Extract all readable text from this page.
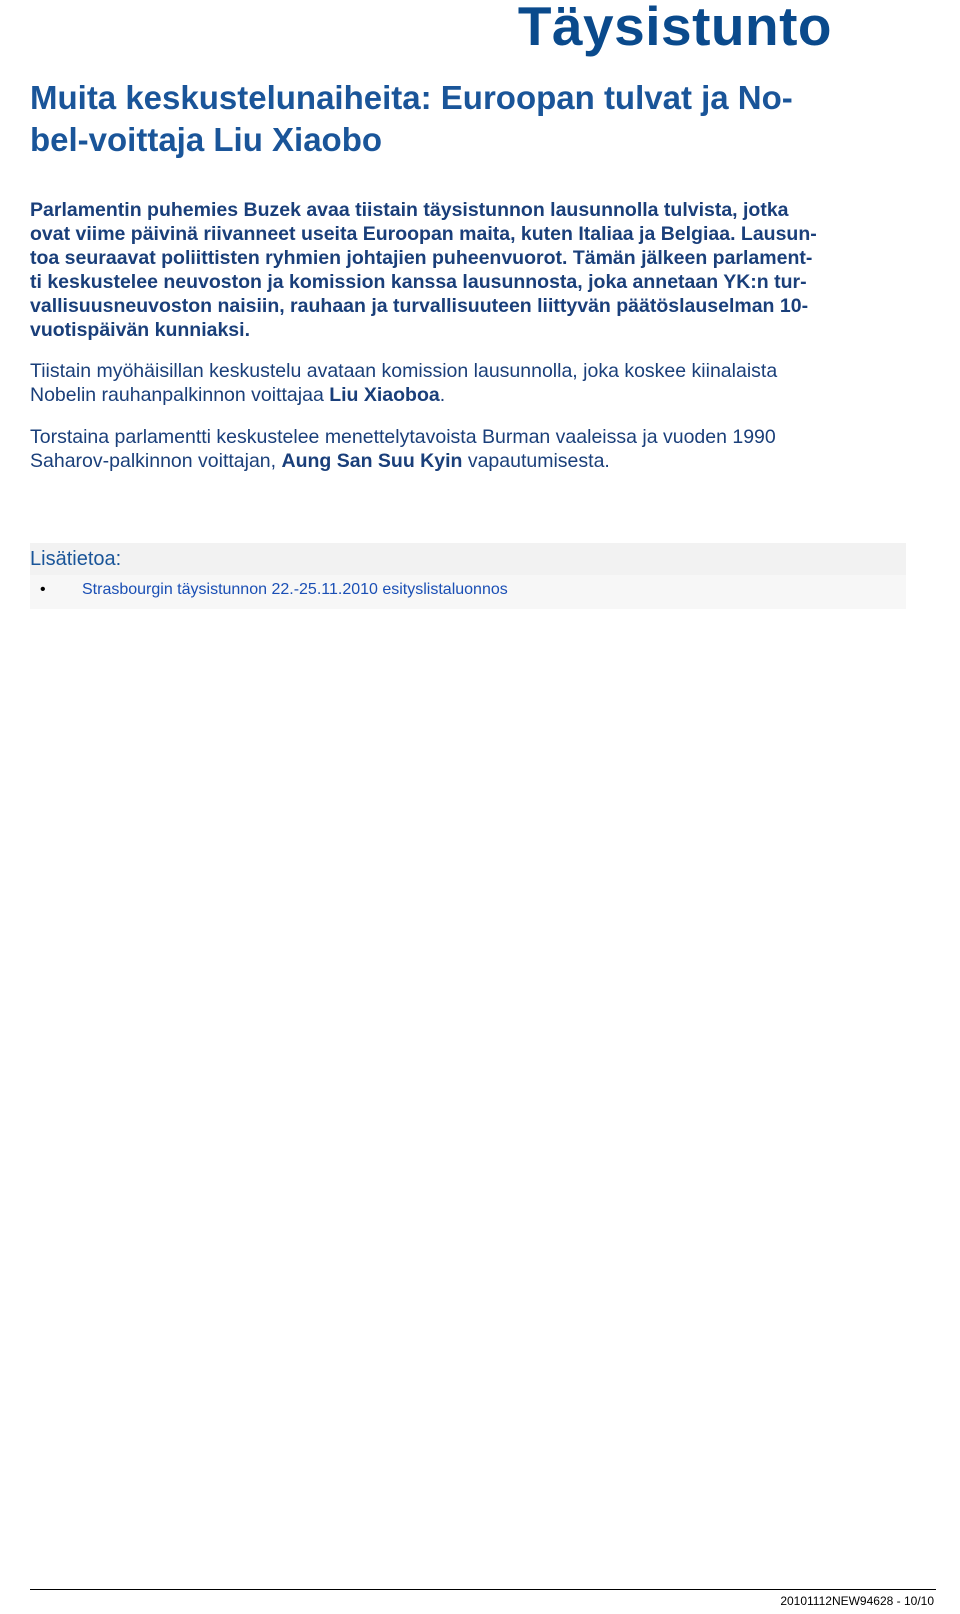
Täysistunto
Muita keskustelunaiheita: Euroopan tulvat ja No-
bel-voittaja Liu Xiaobo
Parlamentin puhemies Buzek avaa tiistain täysistunnon lausunnolla tulvista, jotka
ovat viime päivinä riivanneet useita Euroopan maita, kuten Italiaa ja Belgiaa. Lausun-
toa seuraavat poliittisten ryhmien johtajien puheenvuorot. Tämän jälkeen parlament-
ti keskustelee neuvoston ja komission kanssa lausunnosta, joka annetaan YK:n tur-
vallisuusneuvoston naisiin, rauhaan ja turvallisuuteen liittyvän päätöslauselman 10-
vuotispäivän kunniaksi.
Tiistain myöhäisillan keskustelu avataan komission lausunnolla, joka koskee kiinalaista
Nobelin rauhanpalkinnon voittajaa Liu Xiaoboa.
Torstaina parlamentti keskustelee menettelytavoista Burman vaaleissa ja vuoden 1990
Saharov-palkinnon voittajan, Aung San Suu Kyin vapautumisesta.
Lisätietoa:
• Strasbourgin täysistunnon 22.-25.11.2010 esityslistaluonnos
20101112NEW94628 - 10/10
